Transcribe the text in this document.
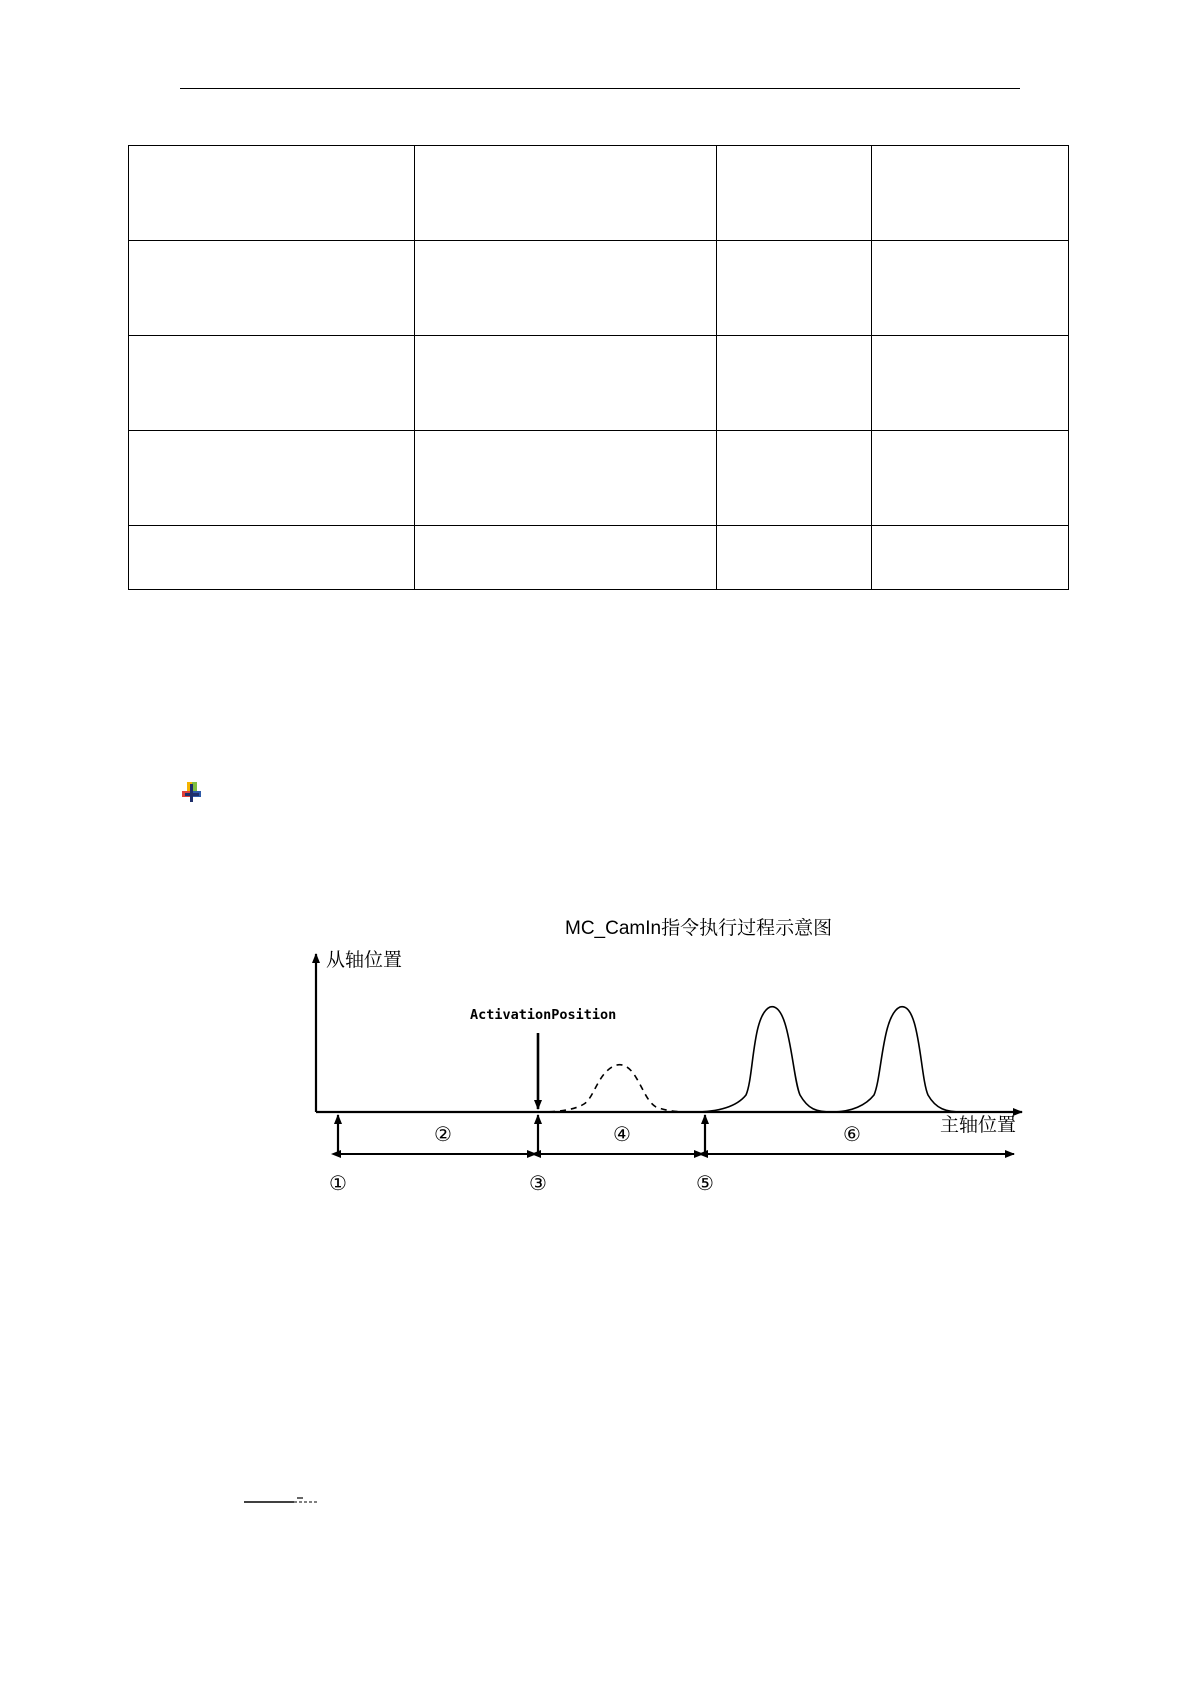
MC_CamIn指令执行过程示意图
从轴位置
主轴位置
ActivationPosition
②	④	⑥
①	③	⑤
